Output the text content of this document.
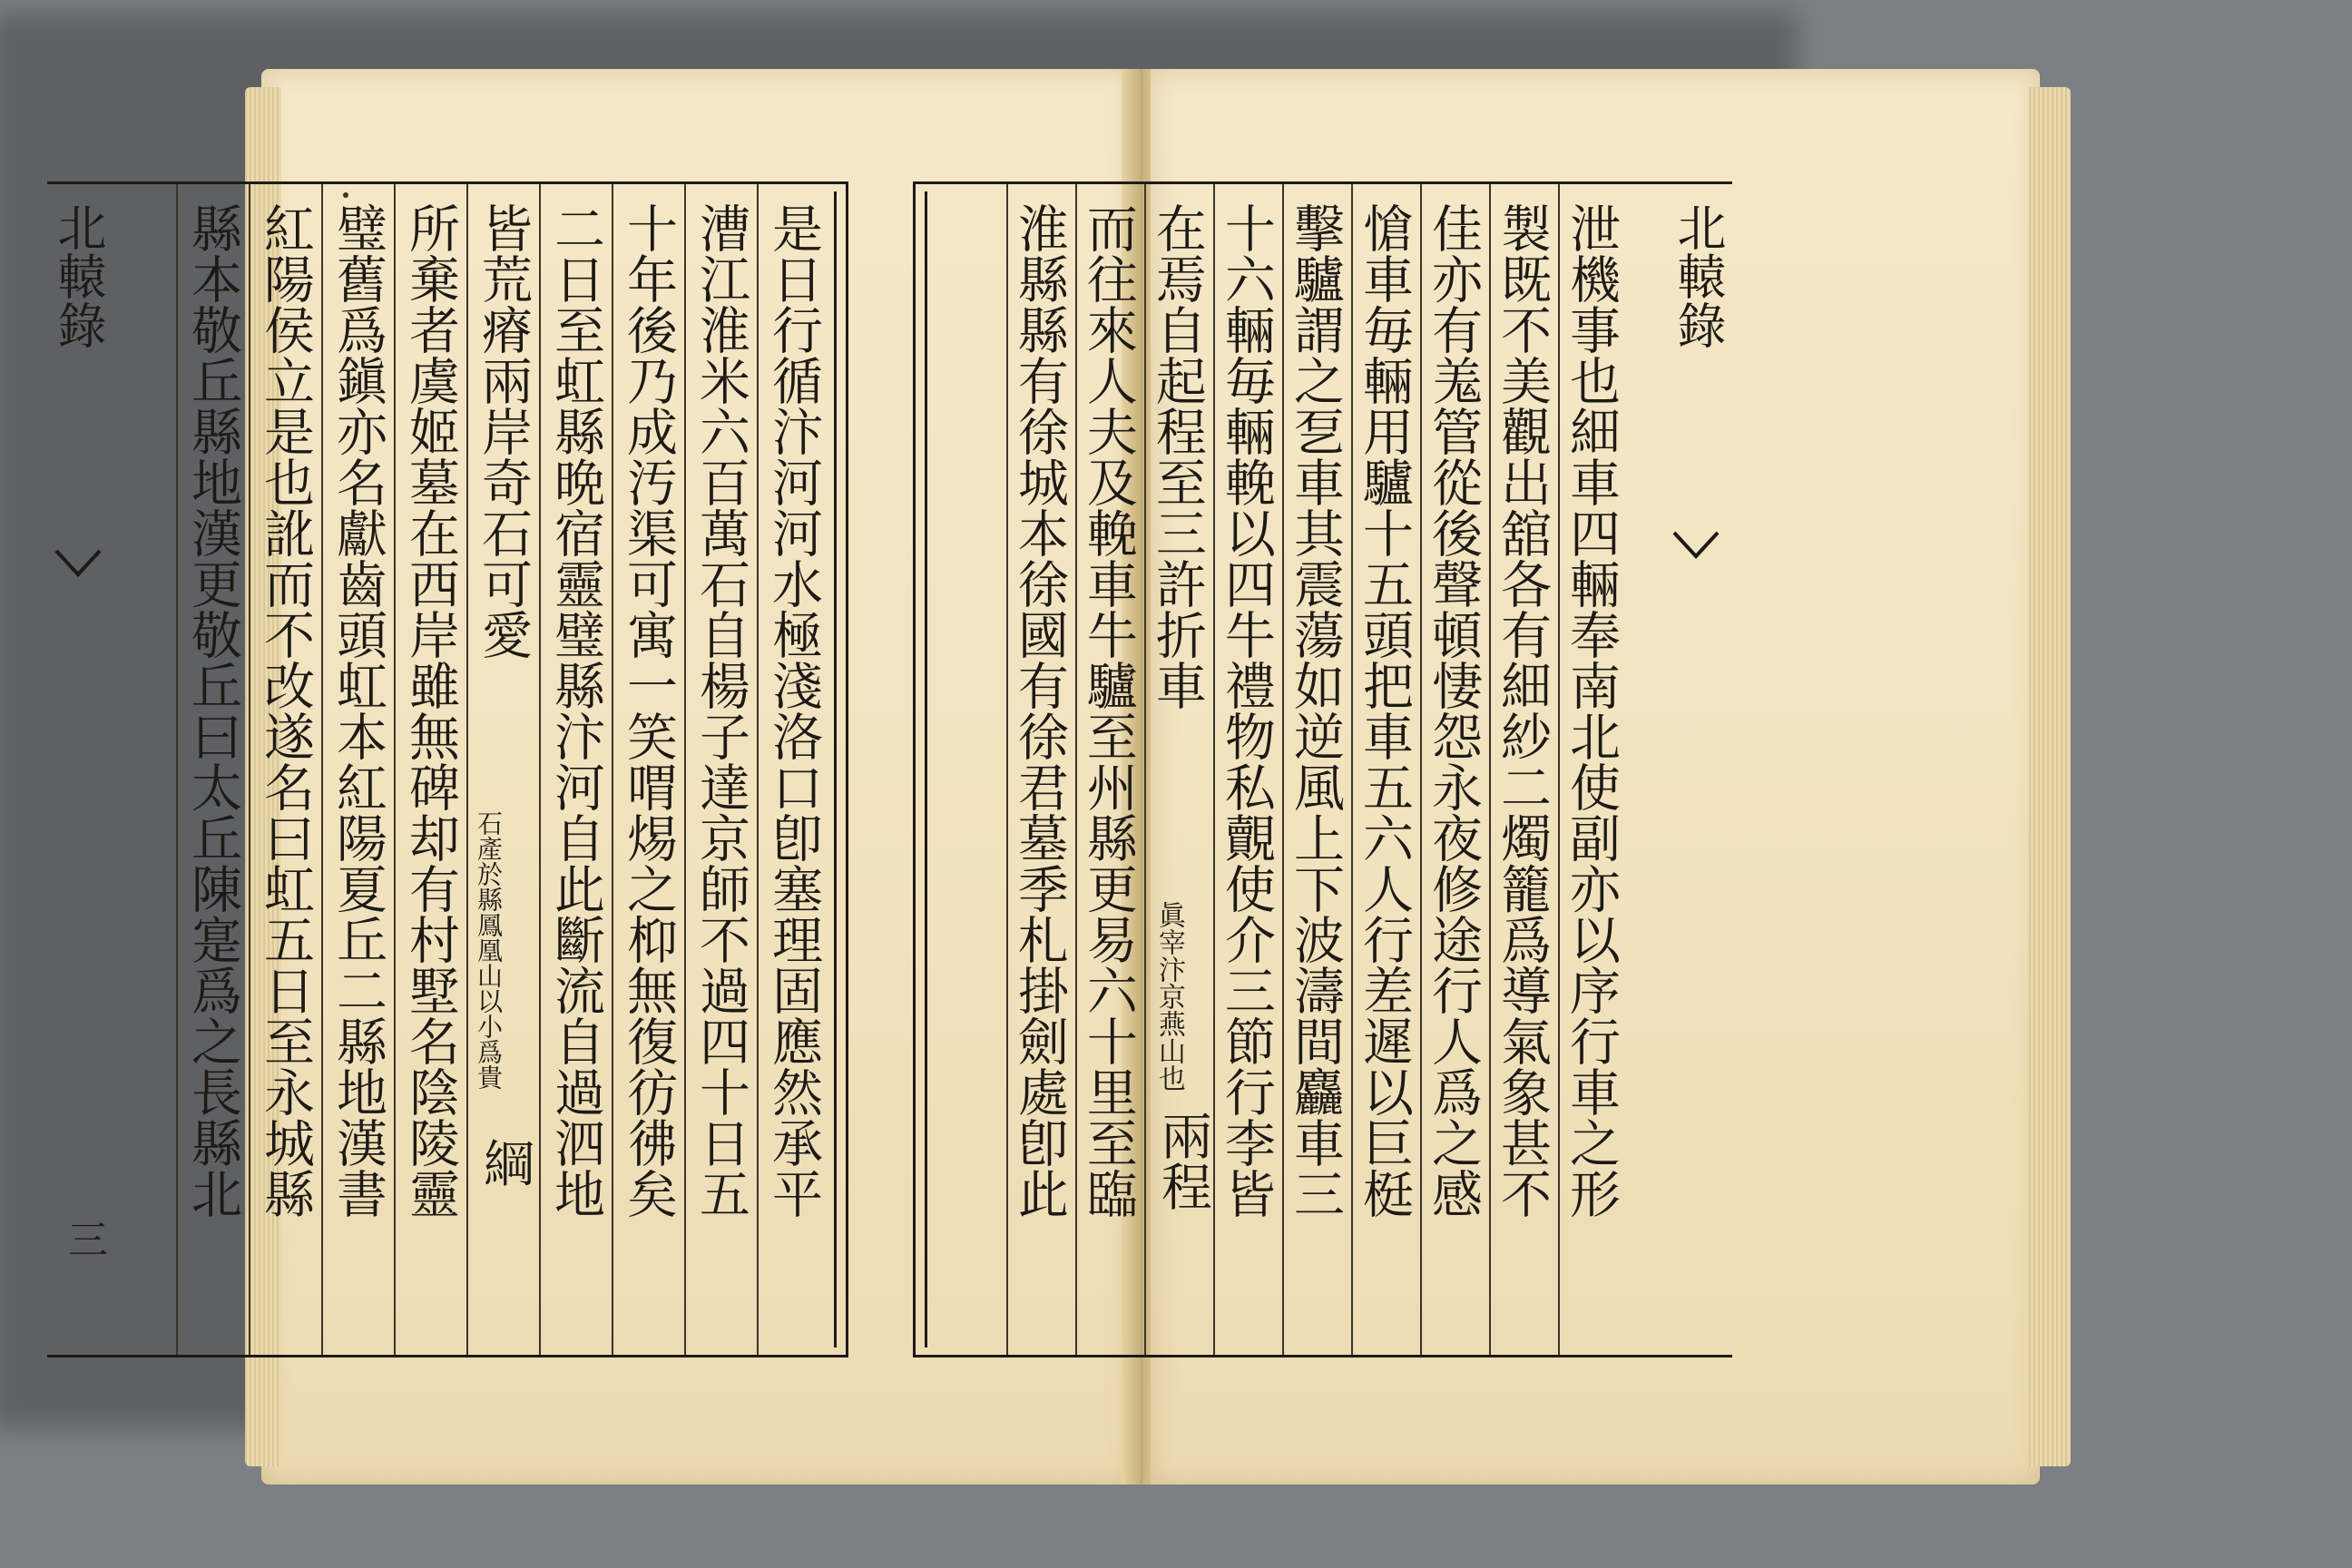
是日行循汴河河水極淺洛口卽塞理固應然承平
漕江淮米六百萬石自楊子達京師不過四十日五
十年後乃成汚渠可寓一笑喟焬之枊無復彷彿矣
二日至虹縣晩宿靈璧縣汴河自此斷流自過泗地
皆荒瘠兩岸奇石可愛
石產於縣鳳凰山以小爲貴
綱
所棄者虞姬墓在西岸雖無碑却有村墅名陰陵靈
璧舊爲鎭亦名獻齒頭虹本紅陽夏丘二縣地漢書
紅陽侯立是也訛而不改遂名曰虹五日至永城縣
縣本敬丘縣地漢更敬丘曰太丘陳寔爲之長縣北
北轅錄
三
泄機事也細車四輛奉南北使副亦以序行車之形
製既不美觀出舘各有細紗二燭籠爲導氣象甚不
佳亦有羗管從後聲頓悽怨永夜修途行人爲之感
愴車毎輛用驢十五頭把車五六人行差遲以巨梃
擊驢謂之乭車其震蕩如逆風上下波濤間麤車三
十六輛毎輛輓以四牛禮物私覿使介三節行李皆
在焉自起程至三許折車
眞宰汴京燕山也
兩程
而往來人夫及輓車牛驢至州縣更易六十里至臨
淮縣縣有徐城本徐國有徐君墓季札掛劍處卽此	北轅錄
